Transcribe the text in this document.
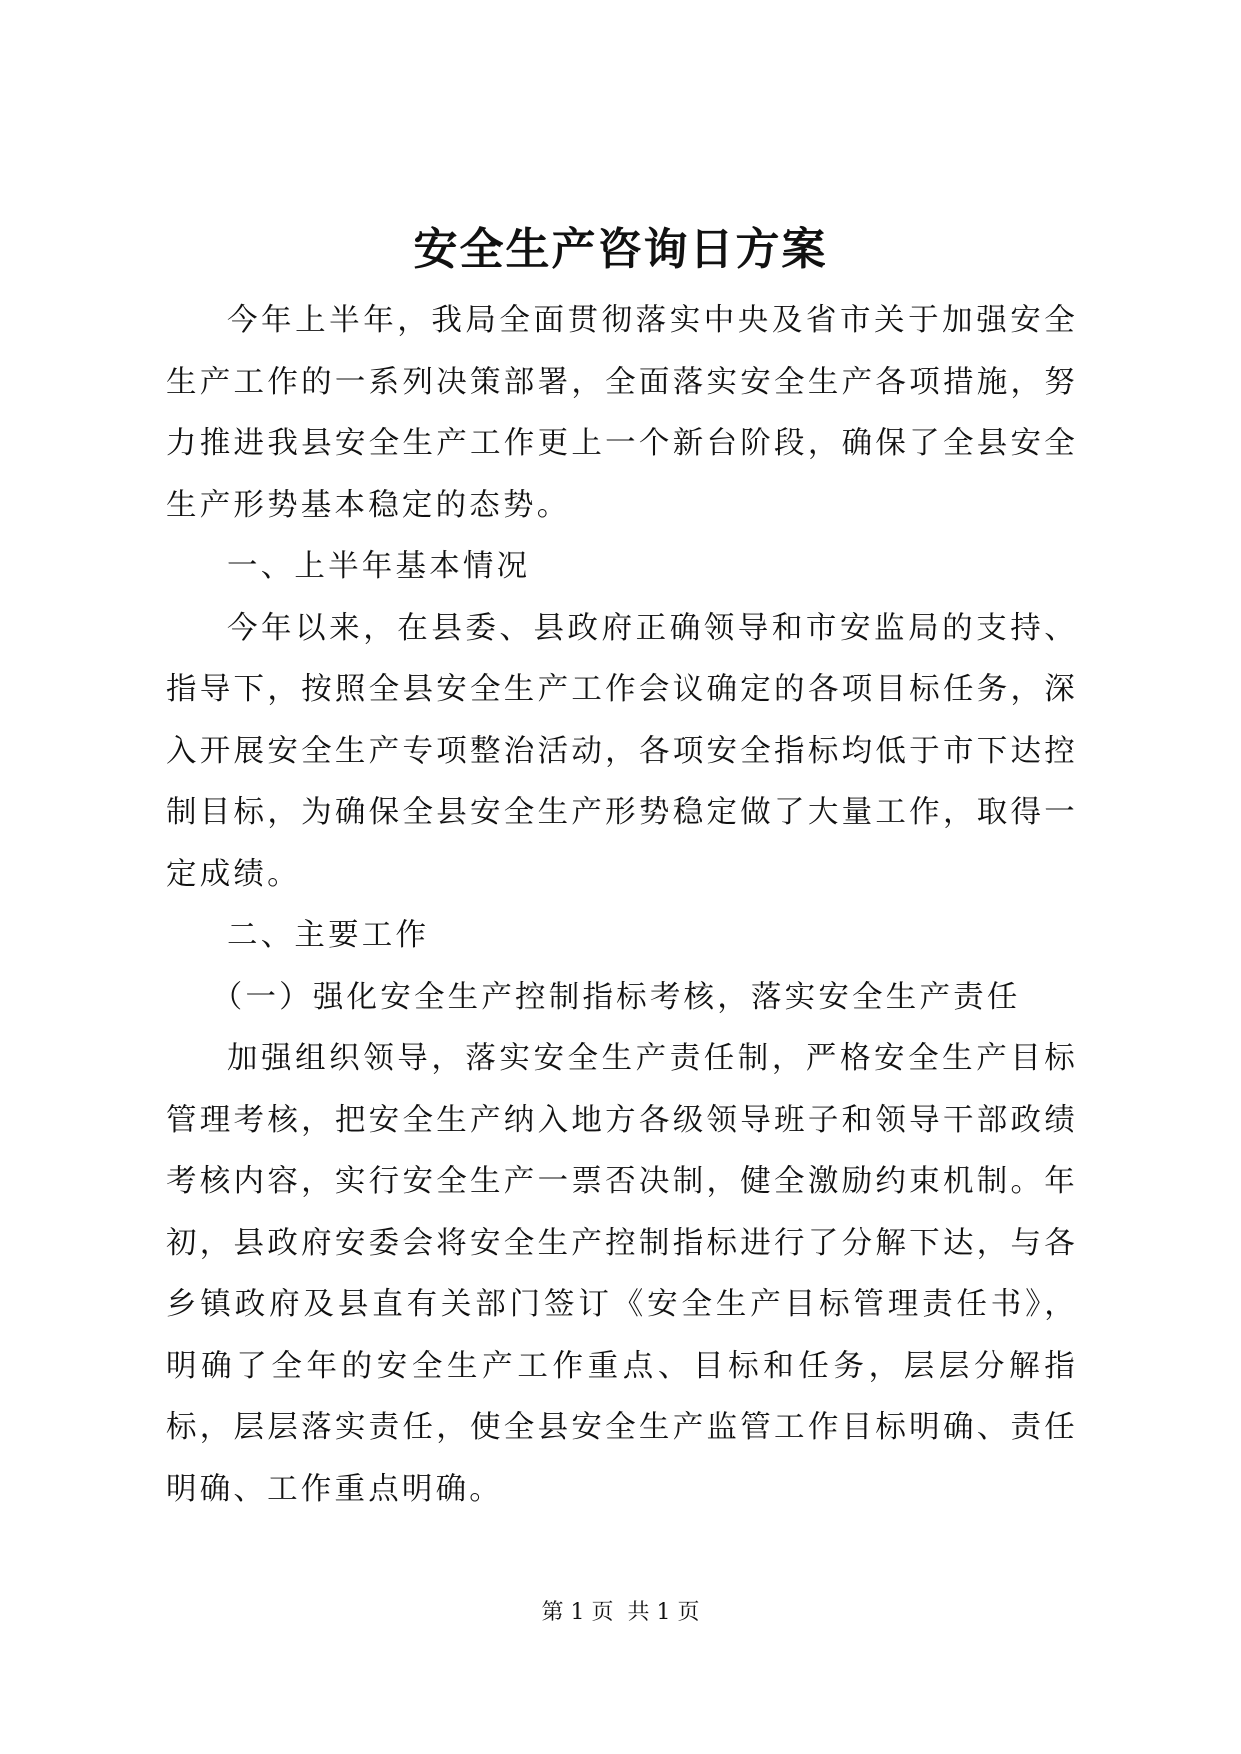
安全生产咨询日方案

今年上半年，我局全面贯彻落实中央及省市关于加强安全生产工作的一系列决策部署，全面落实安全生产各项措施，努力推进我县安全生产工作更上一个新台阶段，确保了全县安全生产形势基本稳定的态势。

一、上半年基本情况

今年以来，在县委、县政府正确领导和市安监局的支持、指导下，按照全县安全生产工作会议确定的各项目标任务，深入开展安全生产专项整治活动，各项安全指标均低于市下达控制目标，为确保全县安全生产形势稳定做了大量工作，取得一定成绩。

二、主要工作

（一）强化安全生产控制指标考核，落实安全生产责任

加强组织领导，落实安全生产责任制，严格安全生产目标管理考核，把安全生产纳入地方各级领导班子和领导干部政绩考核内容，实行安全生产一票否决制，健全激励约束机制。年初，县政府安委会将安全生产控制指标进行了分解下达，与各乡镇政府及县直有关部门签订《安全生产目标管理责任书》，明确了全年的安全生产工作重点、目标和任务，层层分解指标，层层落实责任，使全县安全生产监管工作目标明确、责任明确、工作重点明确。

第 1 页 共 1 页
